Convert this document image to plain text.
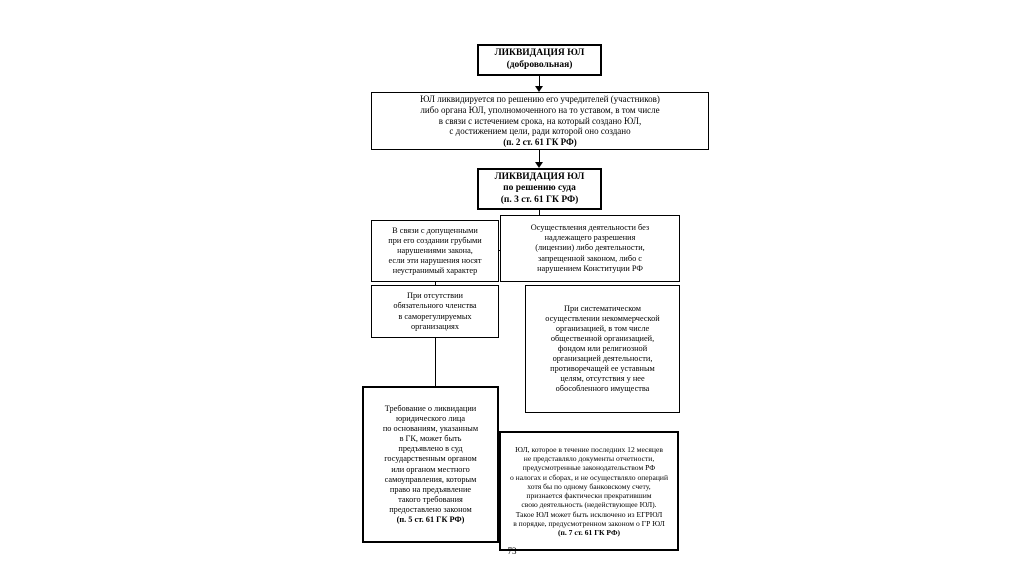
ЛИКВИДАЦИЯ ЮЛ
(добровольная)
ЮЛ ликвидируется по решению его учредителей (участников)
либо органа ЮЛ, уполномоченного на то уставом, в том числе
в связи с истечением срока, на который создано ЮЛ,
с достижением цели, ради которой оно создано
(п. 2 ст. 61 ГК РФ)
ЛИКВИДАЦИЯ ЮЛ
по решению суда
(п. 3 ст. 61 ГК РФ)
В связи с допущенными
при его создании грубыми
нарушениями закона,
если эти нарушения носят
неустранимый характер
Осуществления деятельности без
надлежащего разрешения
(лицензии) либо деятельности,
запрещенной законом, либо с
нарушением Конституции РФ
При отсутствии
обязательного членства
в саморегулируемых
организациях
При систематическом
осуществлении некоммерческой
организацией, в том числе
общественной организацией,
фондом или религиозной
организацией деятельности,
противоречащей ее уставным
целям, отсутствия у нее
обособленного имущества
Требование о ликвидации
юридического лица
по основаниям, указанным
в ГК, может быть
предъявлено в суд
государственным органом
или органом местного
самоуправления, которым
право на предъявление
такого требования
предоставлено законом
(п. 5 ст. 61 ГК РФ)
ЮЛ, которое в течение последних 12 месяцев
не представляло документы отчетности,
предусмотренные законодательством РФ
о налогах и сборах, и не осуществляло операций
хотя бы по одному банковскому счету,
признается фактически прекратившим
свою деятельность (недействующее ЮЛ).
Такое ЮЛ может быть исключено из ЕГРЮЛ
в порядке, предусмотренном законом о ГР ЮЛ
(п. 7 ст. 61 ГК РФ)
73
